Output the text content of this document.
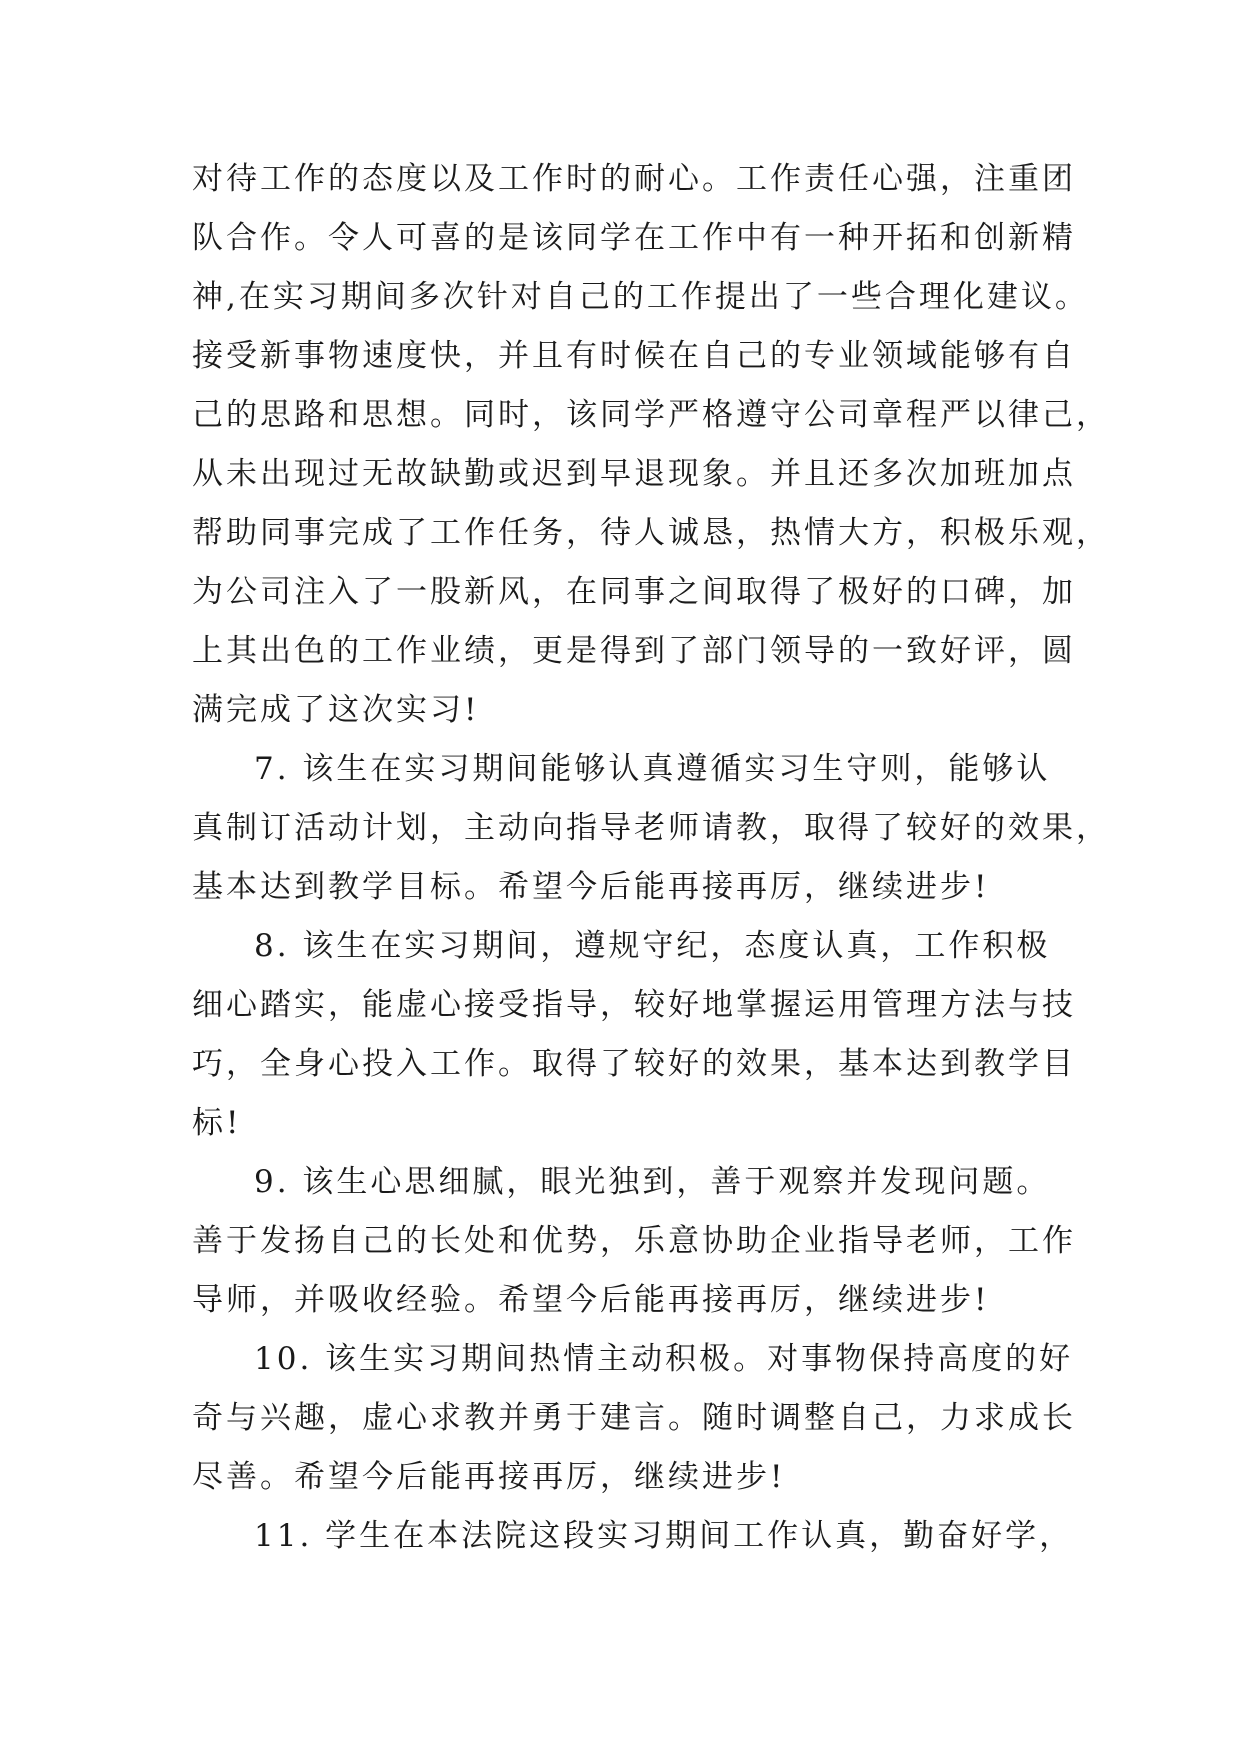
对待工作的态度以及工作时的耐心。工作责任心强，注重团
队合作。令人可喜的是该同学在工作中有一种开拓和创新精
神,在实习期间多次针对自己的工作提出了一些合理化建议。
接受新事物速度快，并且有时候在自己的专业领域能够有自
己的思路和思想。同时，该同学严格遵守公司章程严以律己，
从未出现过无故缺勤或迟到早退现象。并且还多次加班加点
帮助同事完成了工作任务，待人诚恳，热情大方，积极乐观，
为公司注入了一股新风，在同事之间取得了极好的口碑，加
上其出色的工作业绩，更是得到了部门领导的一致好评，圆
满完成了这次实习!
7. 该生在实习期间能够认真遵循实习生守则，能够认
真制订活动计划，主动向指导老师请教，取得了较好的效果，
基本达到教学目标。希望今后能再接再厉，继续进步!
8. 该生在实习期间，遵规守纪，态度认真，工作积极
细心踏实，能虚心接受指导，较好地掌握运用管理方法与技
巧，全身心投入工作。取得了较好的效果，基本达到教学目
标!
9. 该生心思细腻，眼光独到，善于观察并发现问题。
善于发扬自己的长处和优势，乐意协助企业指导老师，工作
导师，并吸收经验。希望今后能再接再厉，继续进步!
10. 该生实习期间热情主动积极。对事物保持高度的好
奇与兴趣，虚心求教并勇于建言。随时调整自己，力求成长
尽善。希望今后能再接再厉，继续进步!
11. 学生在本法院这段实习期间工作认真，勤奋好学，
